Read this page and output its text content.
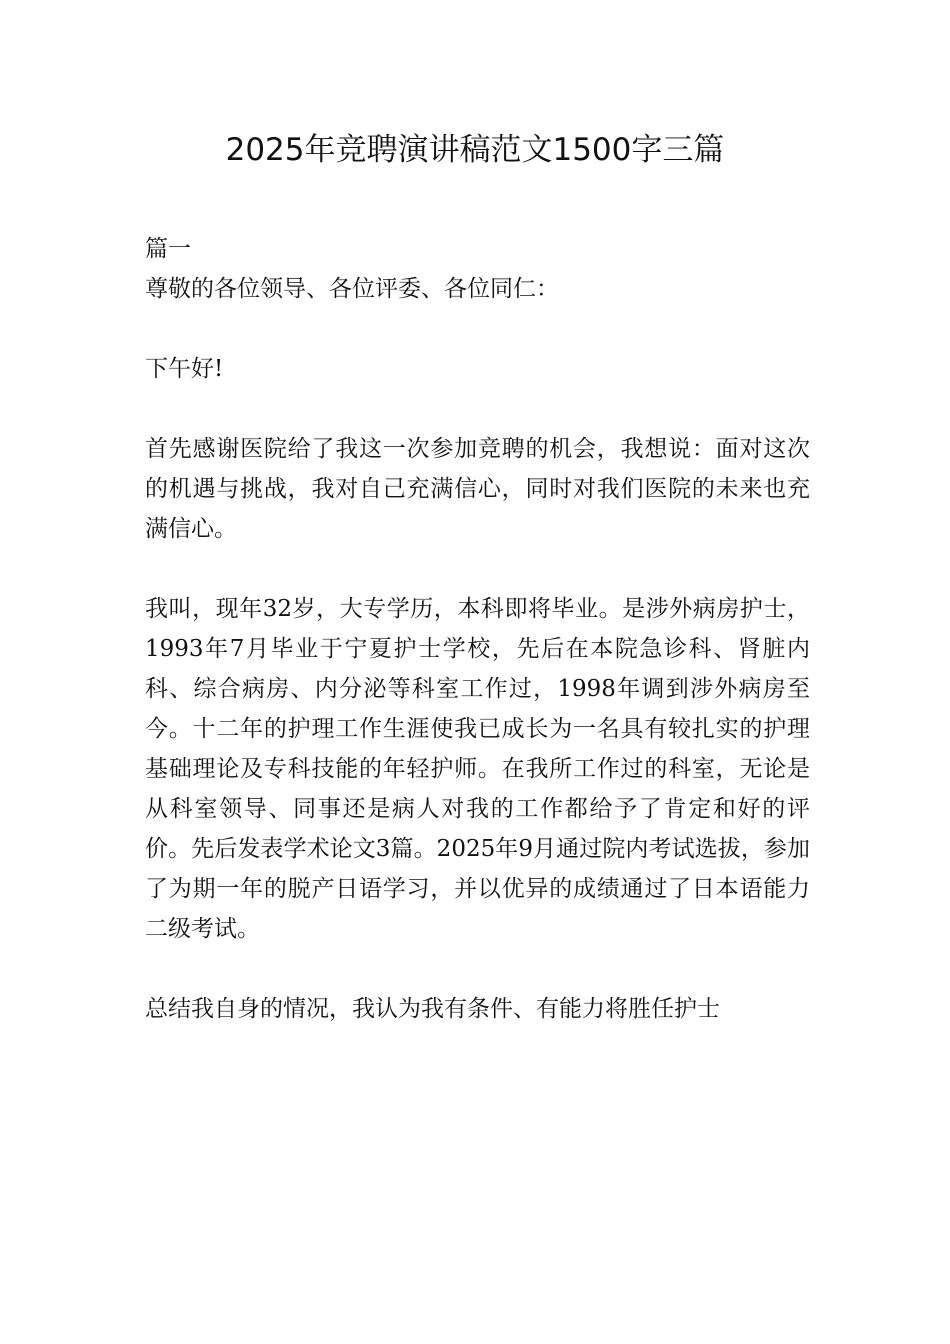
2025年竞聘演讲稿范文1500字三篇

篇一

尊敬的各位领导、各位评委、各位同仁：

下午好!

首先感谢医院给了我这一次参加竞聘的机会，我想说：面对这次的机遇与挑战，我对自己充满信心，同时对我们医院的未来也充满信心。

我叫，现年32岁，大专学历，本科即将毕业。是涉外病房护士，1993年7月毕业于宁夏护士学校，先后在本院急诊科、肾脏内科、综合病房、内分泌等科室工作过，1998年调到涉外病房至今。十二年的护理工作生涯使我已成长为一名具有较扎实的护理基础理论及专科技能的年轻护师。在我所工作过的科室，无论是从科室领导、同事还是病人对我的工作都给予了肯定和好的评价。先后发表学术论文3篇。2025年9月通过院内考试选拔，参加了为期一年的脱产日语学习，并以优异的成绩通过了日本语能力二级考试。

总结我自身的情况，我认为我有条件、有能力将胜任护士
